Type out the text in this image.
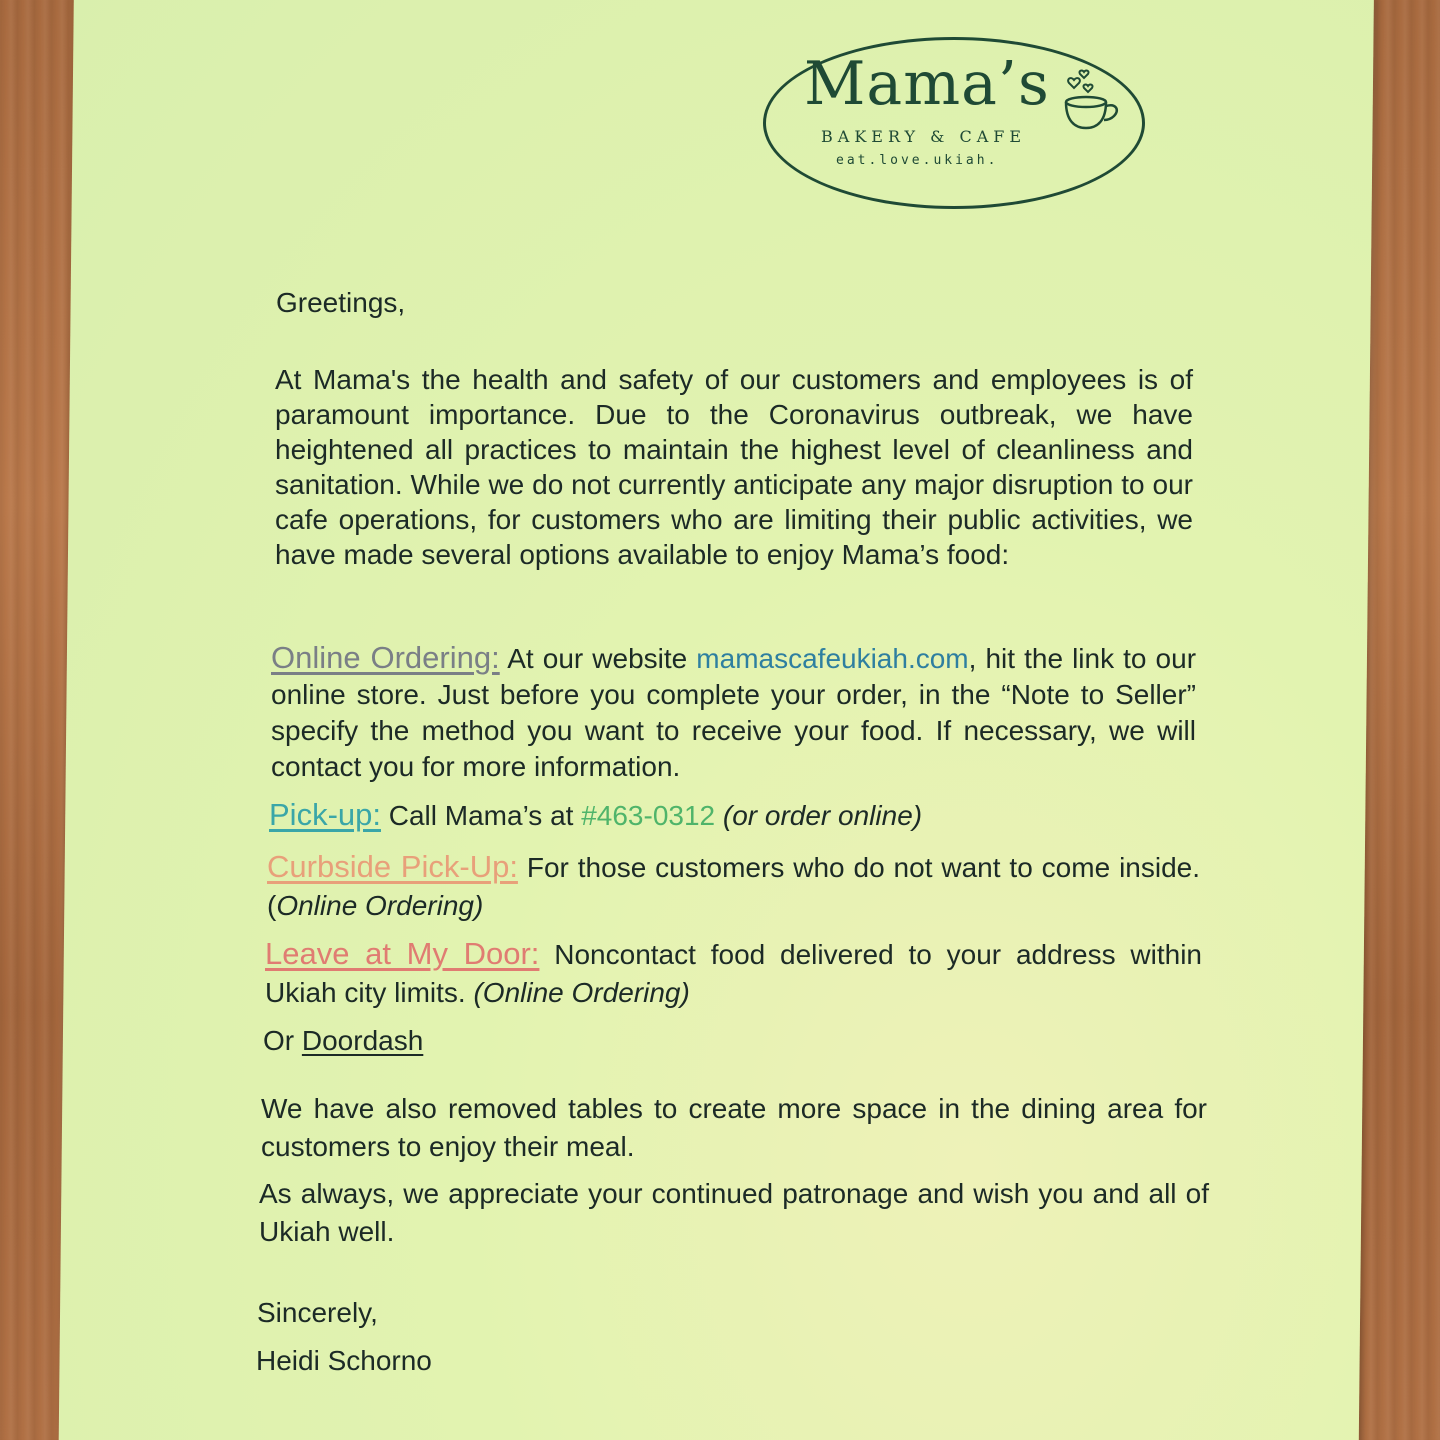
Mama’s
BAKERY & CAFE
eat.love.ukiah.
Greetings,
At Mama's the health and safety of our customers and employees is of paramount importance. Due to the Coronavirus outbreak, we have heightened all practices to maintain the highest level of cleanliness and sanitation. While we do not currently anticipate any major disruption to our cafe operations, for customers who are limiting their public activities, we have made several options available to enjoy Mama’s food:
Online Ordering: At our website mamascafeukiah.com, hit the link to our online store. Just before you complete your order, in the “Note to Seller” specify the method you want to receive your food. If necessary, we will contact you for more information.
Pick-up: Call Mama’s at #463-0312 (or order online)
Curbside Pick-Up: For those customers who do not want to come inside. (Online Ordering)
Leave at My Door: Noncontact food delivered to your address within Ukiah city limits. (Online Ordering)
Or Doordash
We have also removed tables to create more space in the dining area for customers to enjoy their meal.
As always, we appreciate your continued patronage and wish you and all of Ukiah well.
Sincerely,
Heidi Schorno
